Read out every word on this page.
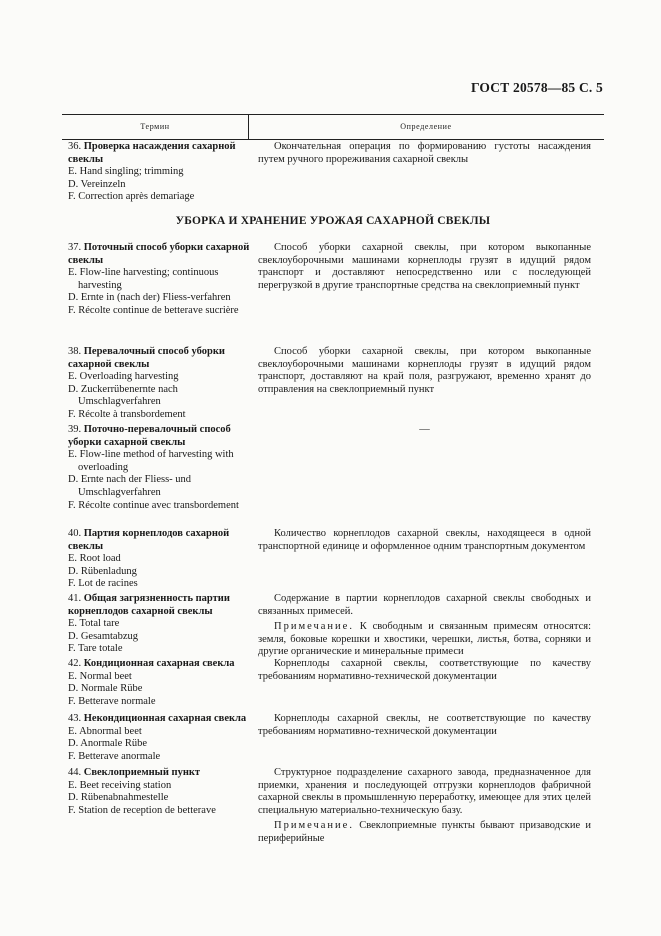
ГОСТ 20578—85 С. 5
Термин	Определение
36. Проверка насаждения сахарной свеклы
E. Hand singling; trimming
D. Vereinzeln
F. Correction après demariage

Окончательная операция по формированию густоты насаждения путем ручного прореживания сахарной свеклы

УБОРКА И ХРАНЕНИЕ УРОЖАЯ САХАРНОЙ СВЕКЛЫ
37. Поточный способ уборки сахарной свеклы
E. Flow-line harvesting; continuous harvesting
D. Ernte in (nach der) Fliess-verfahren
F. Récolte continue de betterave sucrière

Способ уборки сахарной свеклы, при котором выкопанные свеклоуборочными машинами корнеплоды грузят в идущий рядом транспорт и доставляют непосредственно или с последующей перегрузкой в другие транспортные средства на свеклоприемный пункт

38. Перевалочный способ уборки сахарной свеклы
E. Overloading harvesting
D. Zuckerrübenernte nach Umschlagverfahren
F. Récolte à transbordement

Способ уборки сахарной свеклы, при котором выкопанные свеклоуборочными машинами корнеплоды грузят в идущий рядом транспорт, доставляют на край поля, разгружают, временно хранят до отправления на свеклоприемный пункт

39. Поточно-перевалочный способ уборки сахарной свеклы
E. Flow-line method of harvesting with overloading
D. Ernte nach der Fliess- und Umschlagverfahren
F. Récolte continue avec transbordement
—
40. Партия корнеплодов сахарной свеклы
E. Root load
D. Rübenladung
F. Lot de racines

Количество корнеплодов сахарной свеклы, находящееся в одной транспортной единице и оформленное одним транспортным документом

41. Общая загрязненность партии корнеплодов сахарной свеклы
E. Total tare
D. Gesamtabzug
F. Tare totale

Содержание в партии корнеплодов сахарной свеклы свободных и связанных примесей.

Примечание. К свободным и связанным примесям относятся: земля, боковые корешки и хвостики, черешки, листья, ботва, сорняки и другие органические и минеральные примеси

42. Кондиционная сахарная свекла
E. Normal beet
D. Normale Rübe
F. Betterave normale

Корнеплоды сахарной свеклы, соответствующие по качеству требованиям нормативно-технической документации

43. Некондиционная сахарная свекла
E. Abnormal beet
D. Anormale Rübe
F. Betterave anormale

Корнеплоды сахарной свеклы, не соответствующие по качеству требованиям нормативно-технической документации

44. Свеклоприемный пункт
E. Beet receiving station
D. Rübenabnahmestelle
F. Station de reception de betterave

Структурное подразделение сахарного завода, предназначенное для приемки, хранения и последующей отгрузки корнеплодов фабричной сахарной свеклы в промышленную переработку, имеющее для этих целей специальную материально-техническую базу.

Примечание. Свеклоприемные пункты бывают призаводские и периферийные
